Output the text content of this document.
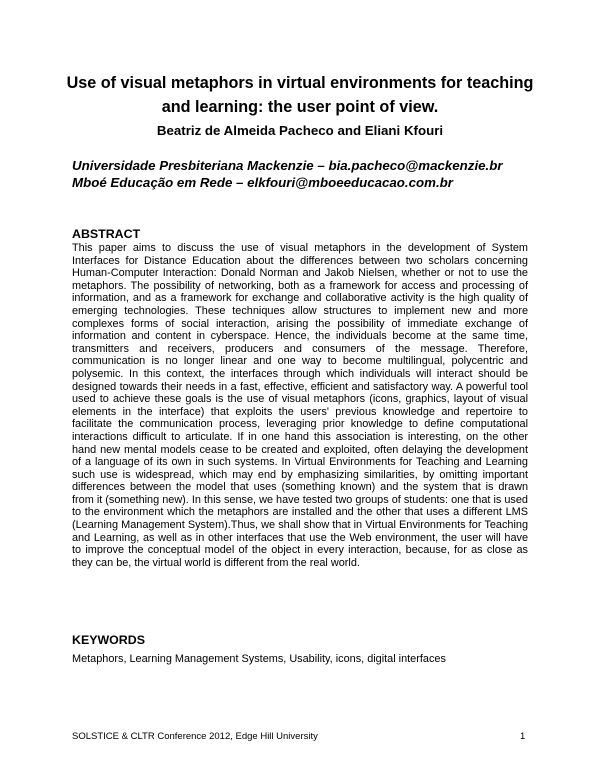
Use of visual metaphors in virtual environments for teaching and learning: the user point of view.
Beatriz de Almeida Pacheco and Eliani Kfouri
Universidade Presbiteriana Mackenzie – bia.pacheco@mackenzie.br
Mboé Educação em Rede – elkfouri@mboeeducacao.com.br
ABSTRACT
This paper aims to discuss the use of visual metaphors in the development of System Interfaces for Distance Education about the differences between two scholars concerning Human-Computer Interaction: Donald Norman and Jakob Nielsen, whether or not to use the metaphors. The possibility of networking, both as a framework for access and processing of information, and as a framework for exchange and collaborative activity is the high quality of emerging technologies. These techniques allow structures to implement new and more complexes forms of social interaction, arising the possibility of immediate exchange of information and content in cyberspace. Hence, the individuals become at the same time, transmitters and receivers, producers and consumers of the message. Therefore, communication is no longer linear and one way to become multilingual, polycentric and polysemic. In this context, the interfaces through which individuals will interact should be designed towards their needs in a fast, effective, efficient and satisfactory way. A powerful tool used to achieve these goals is the use of visual metaphors (icons, graphics, layout of visual elements in the interface) that exploits the users' previous knowledge and repertoire to facilitate the communication process, leveraging prior knowledge to define computational interactions difficult to articulate. If in one hand this association is interesting, on the other hand new mental models cease to be created and exploited, often delaying the development of a language of its own in such systems. In Virtual Environments for Teaching and Learning such use is widespread, which may end by emphasizing similarities, by omitting important differences between the model that uses (something known) and the system that is drawn from it (something new). In this sense, we have tested two groups of students: one that is used to the environment which the metaphors are installed and the other that uses a different LMS (Learning Management System).Thus, we shall show that in Virtual Environments for Teaching and Learning, as well as in other interfaces that use the Web environment, the user will have to improve the conceptual model of the object in every interaction, because, for as close as they can be, the virtual world is different from the real world.
KEYWORDS
Metaphors, Learning Management Systems, Usability, icons, digital interfaces
SOLSTICE & CLTR Conference 2012, Edge Hill University	1
